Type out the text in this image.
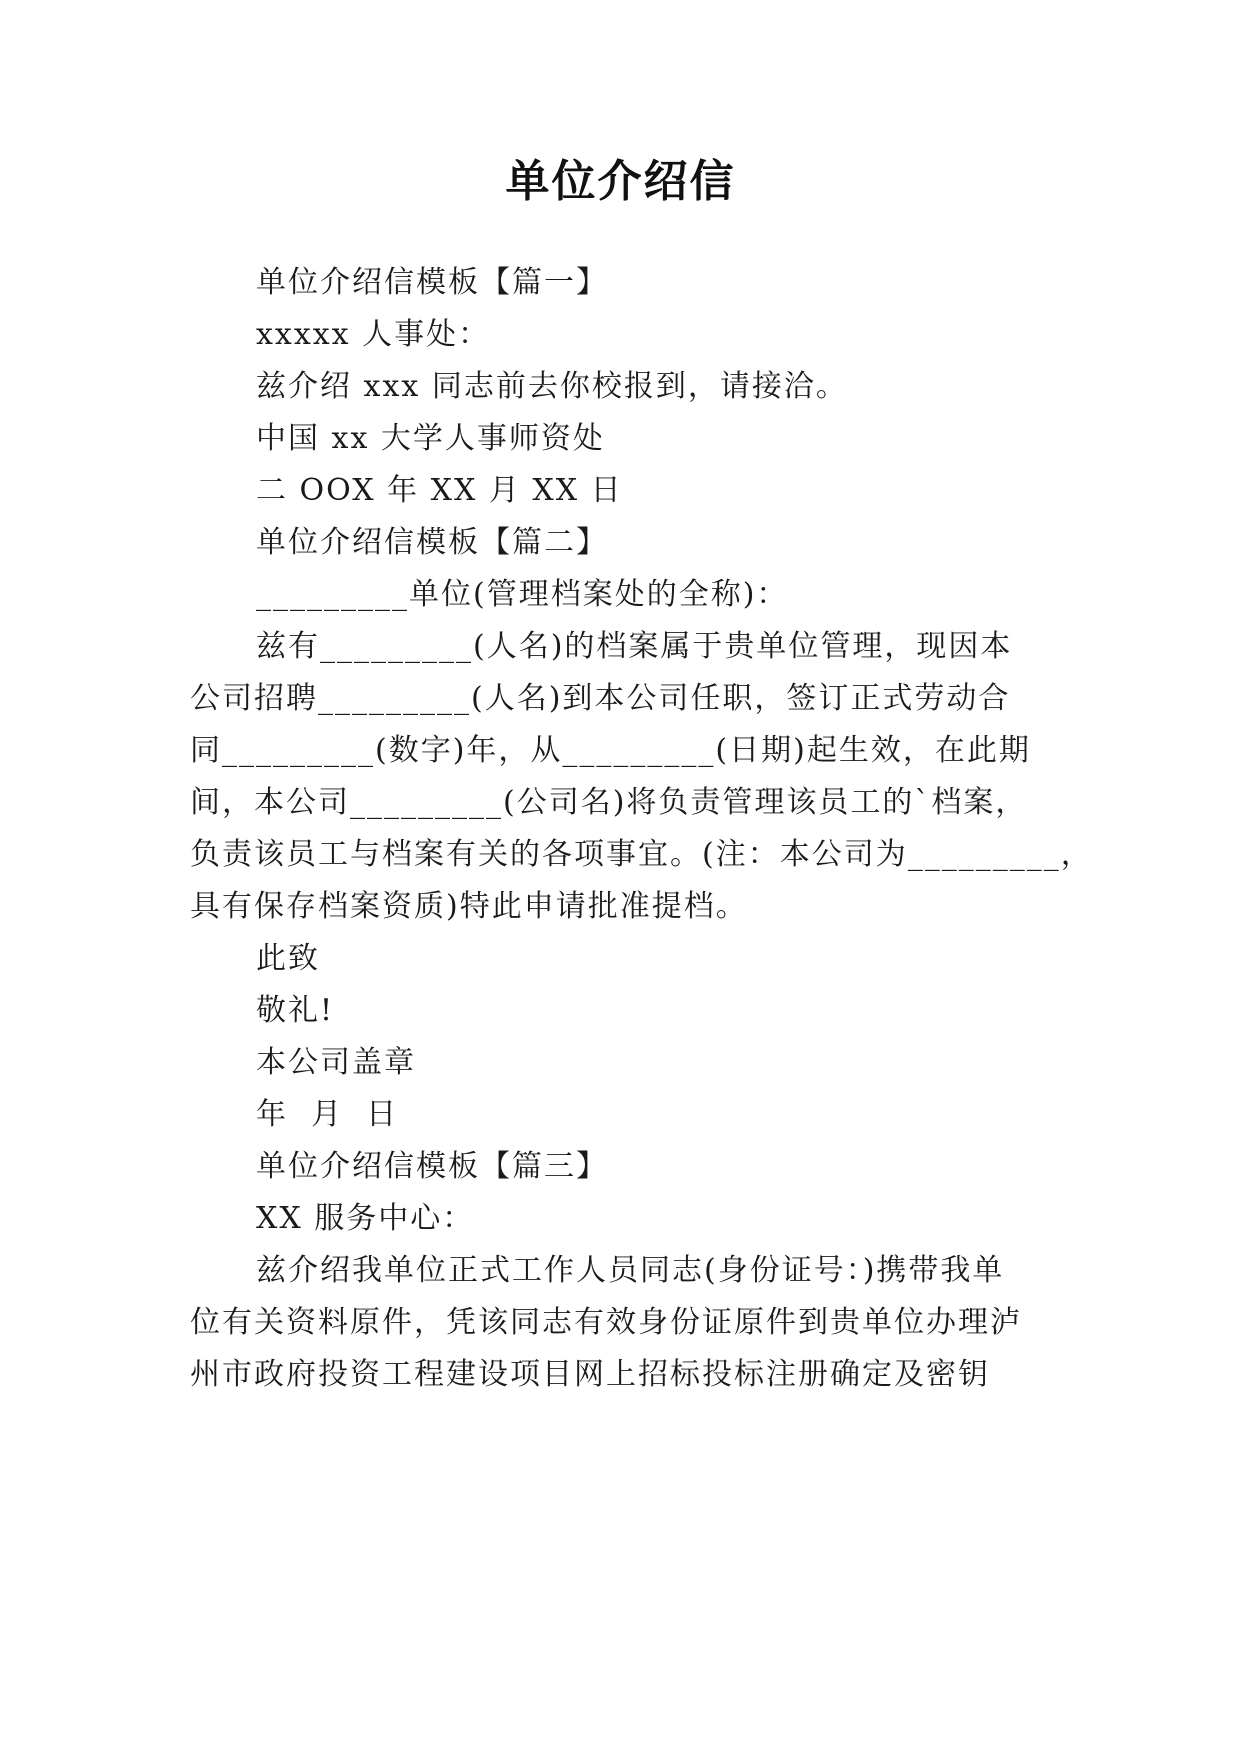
单位介绍信
单位介绍信模板【篇一】
xxxxx 人事处：
兹介绍 xxx 同志前去你校报到，请接洽。
中国 xx 大学人事师资处
二 OOX 年 XX 月 XX 日
单位介绍信模板【篇二】
_________单位(管理档案处的全称)：
兹有_________(人名)的档案属于贵单位管理，现因本
公司招聘_________(人名)到本公司任职，签订正式劳动合
同_________(数字)年，从_________(日期)起生效，在此期
间，本公司_________(公司名)将负责管理该员工的`档案，
负责该员工与档案有关的各项事宜。(注：本公司为_________，
具有保存档案资质)特此申请批准提档。
此致
敬礼!
本公司盖章
年  月  日
单位介绍信模板【篇三】
XX 服务中心：
兹介绍我单位正式工作人员同志(身份证号：)携带我单
位有关资料原件，凭该同志有效身份证原件到贵单位办理泸
州市政府投资工程建设项目网上招标投标注册确定及密钥
